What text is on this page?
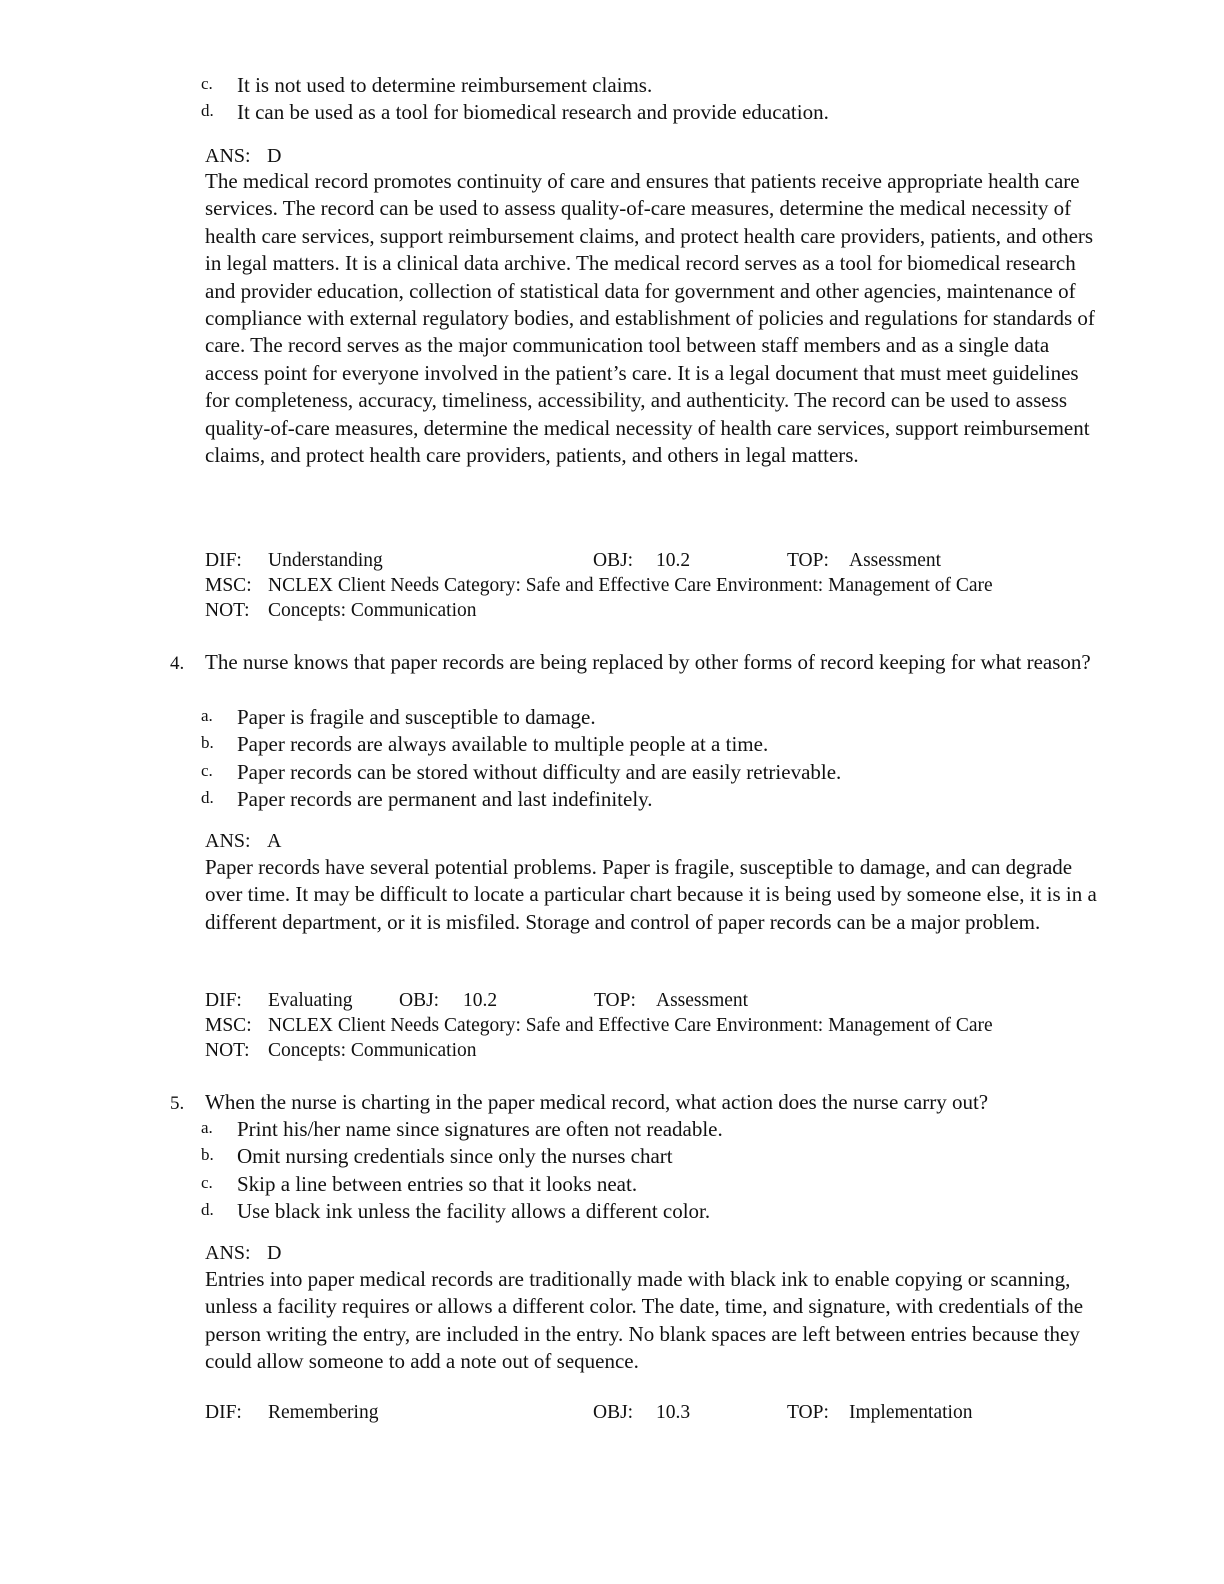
c. It is not used to determine reimbursement claims.
d. It can be used as a tool for biomedical research and provide education.
ANS: D
The medical record promotes continuity of care and ensures that patients receive appropriate health care services. The record can be used to assess quality-of-care measures, determine the medical necessity of health care services, support reimbursement claims, and protect health care providers, patients, and others in legal matters. It is a clinical data archive. The medical record serves as a tool for biomedical research and provider education, collection of statistical data for government and other agencies, maintenance of compliance with external regulatory bodies, and establishment of policies and regulations for standards of care. The record serves as the major communication tool between staff members and as a single data access point for everyone involved in the patient’s care. It is a legal document that must meet guidelines for completeness, accuracy, timeliness, accessibility, and authenticity. The record can be used to assess quality-of-care measures, determine the medical necessity of health care services, support reimbursement claims, and protect health care providers, patients, and others in legal matters.
DIF: Understanding	OBJ: 10.2	TOP: Assessment
MSC: NCLEX Client Needs Category: Safe and Effective Care Environment: Management of Care
NOT: Concepts: Communication
4. The nurse knows that paper records are being replaced by other forms of record keeping for what reason?
a. Paper is fragile and susceptible to damage.
b. Paper records are always available to multiple people at a time.
c. Paper records can be stored without difficulty and are easily retrievable.
d. Paper records are permanent and last indefinitely.
ANS: A
Paper records have several potential problems. Paper is fragile, susceptible to damage, and can degrade over time. It may be difficult to locate a particular chart because it is being used by someone else, it is in a different department, or it is misfiled. Storage and control of paper records can be a major problem.
DIF: Evaluating OBJ: 10.2	TOP: Assessment
MSC: NCLEX Client Needs Category: Safe and Effective Care Environment: Management of Care
NOT: Concepts: Communication
5. When the nurse is charting in the paper medical record, what action does the nurse carry out?
a. Print his/her name since signatures are often not readable.
b. Omit nursing credentials since only the nurses chart
c. Skip a line between entries so that it looks neat.
d. Use black ink unless the facility allows a different color.
ANS: D
Entries into paper medical records are traditionally made with black ink to enable copying or scanning, unless a facility requires or allows a different color. The date, time, and signature, with credentials of the person writing the entry, are included in the entry. No blank spaces are left between entries because they could allow someone to add a note out of sequence.
DIF: Remembering	OBJ: 10.3	TOP: Implementation
